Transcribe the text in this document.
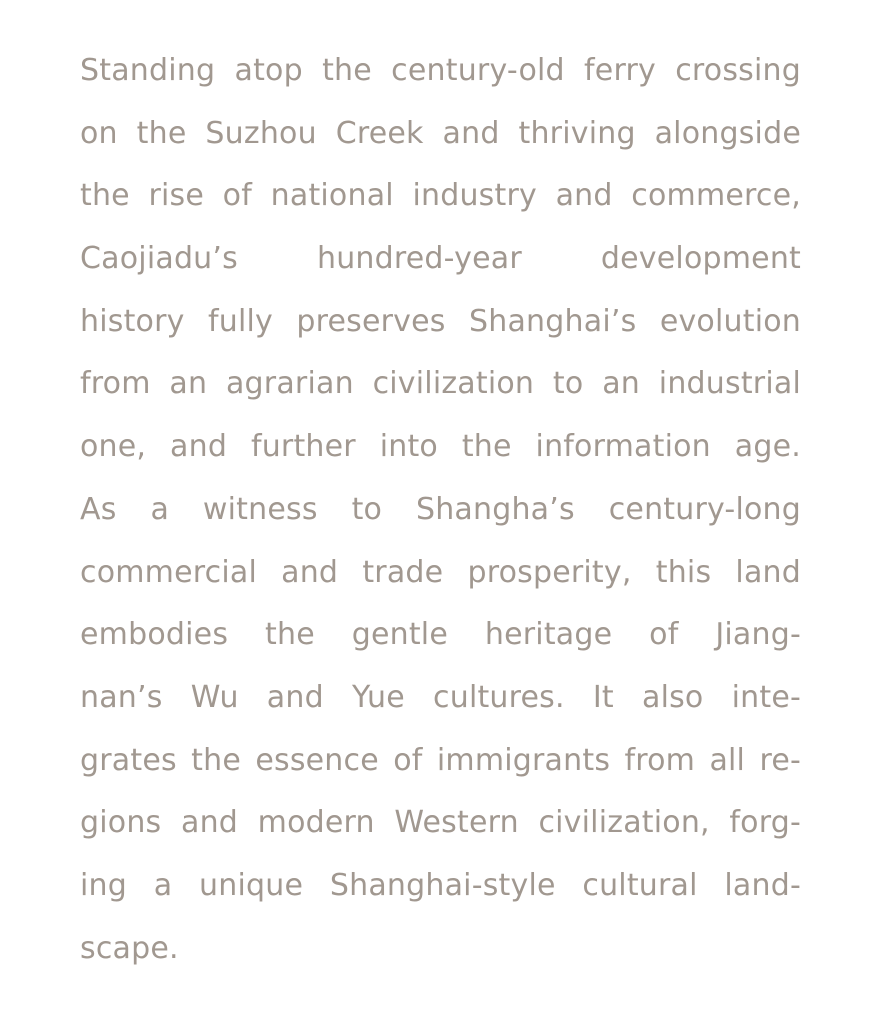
Standing atop the century-old ferry crossing
on the Suzhou Creek and thriving alongside
the rise of national industry and commerce,
Caojiadu’s hundred-year development
history fully preserves Shanghai’s evolution
from an agrarian civilization to an industrial
one, and further into the information age.
As a witness to Shangha’s century-long
commercial and trade prosperity, this land
embodies the gentle heritage of Jiang-
nan’s Wu and Yue cultures. It also inte-
grates the essence of immigrants from all re-
gions and modern Western civilization, forg-
ing a unique Shanghai-style cultural land-
scape.
